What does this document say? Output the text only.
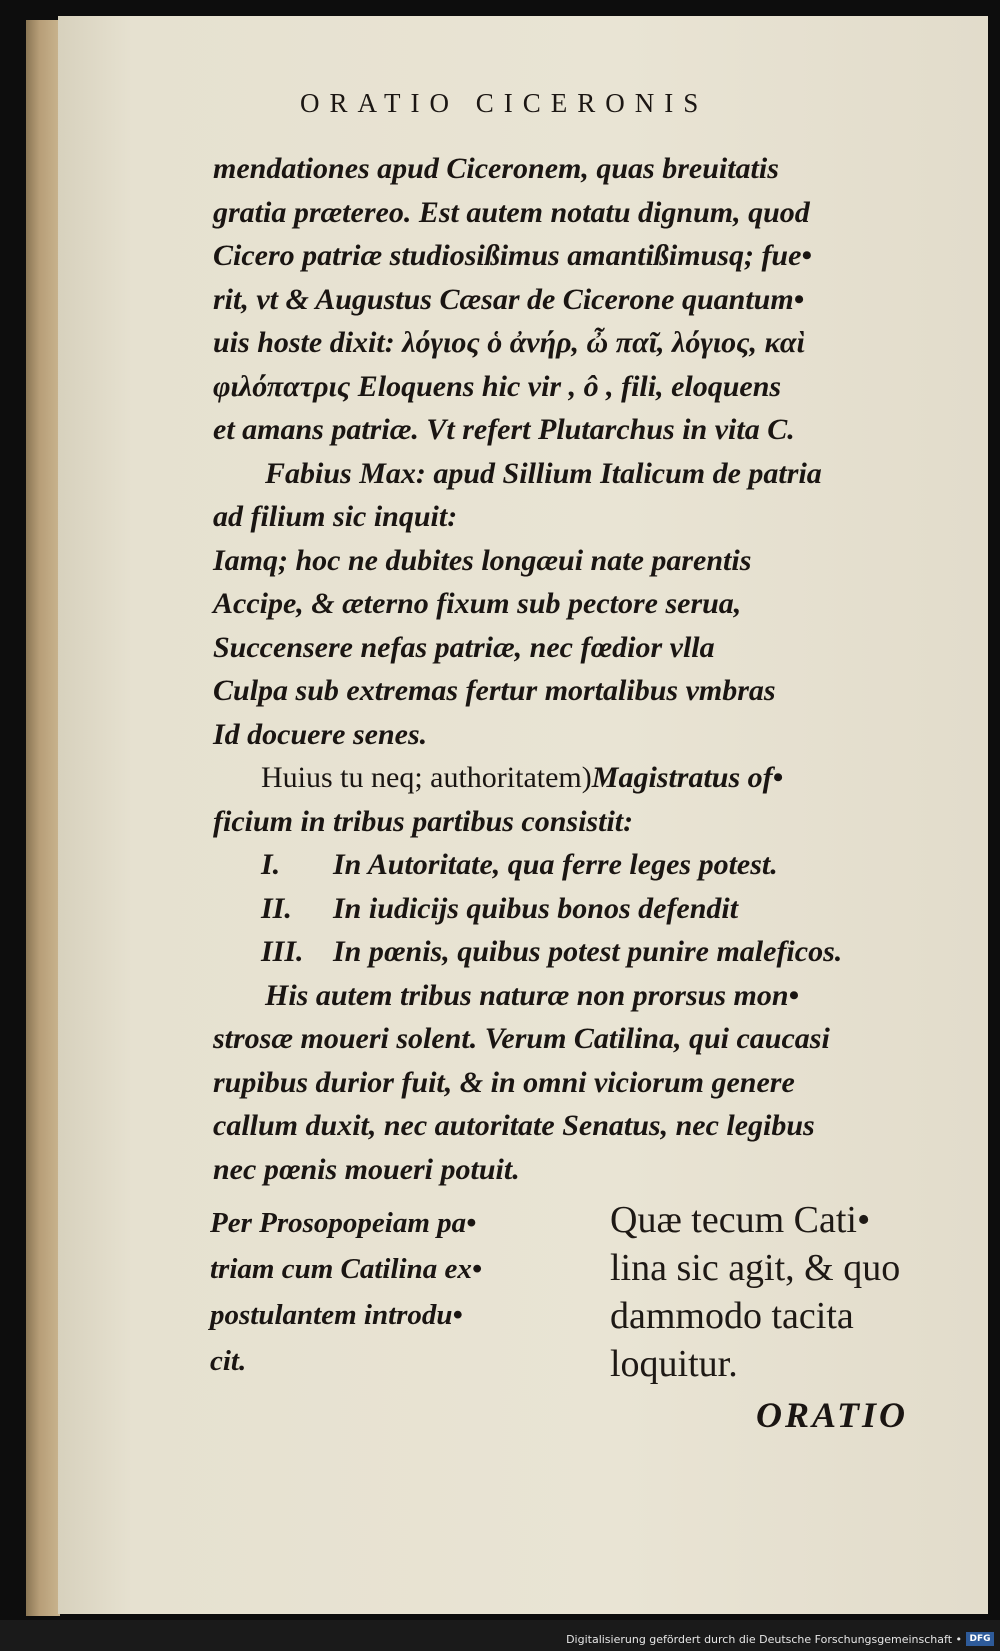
ORATIO CICERONIS
mendationes apud Ciceronem, quas breuitatis
gratia prætereo. Est autem notatu dignum, quod
Cicero patriæ studiosißimus amantißimusq; fue•
rit, vt & Augustus Cæsar de Cicerone quantum•
uis hoste dixit: λόγιος ὁ ἀνήρ, ὦ παῖ, λόγιος, καὶ
φιλόπατρις Eloquens hic vir , ô , fili, eloquens
et amans patriæ. Vt refert Plutarchus in vita C.
Fabius Max: apud Sillium Italicum de patria
ad filium sic inquit:
Iamq; hoc ne dubites longæui nate parentis
Accipe, & æterno fixum sub pectore serua,
Succensere nefas patriæ, nec fœdior vlla
Culpa sub extremas fertur mortalibus vmbras
Id docuere senes.
Huius tu neq; authoritatem)Magistratus of•
ficium in tribus partibus consistit:
I. In Autoritate, qua ferre leges potest.
II. In iudicijs quibus bonos defendit
III. In pœnis, quibus potest punire maleficos.
His autem tribus naturæ non prorsus mon•
strosæ moueri solent. Verum Catilina, qui caucasi
rupibus durior fuit, & in omni viciorum genere
callum duxit, nec autoritate Senatus, nec legibus
nec pœnis moueri potuit.
Per Prosopopeiam pa•
triam cum Catilina ex•
postulantem introdu•
cit.
Quæ tecum Cati•
lina sic agit, & quo
dammodo tacita
loquitur.
ORATIO
Digitalisierung gefördert durch die Deutsche Forschungsgemeinschaft • DFG
